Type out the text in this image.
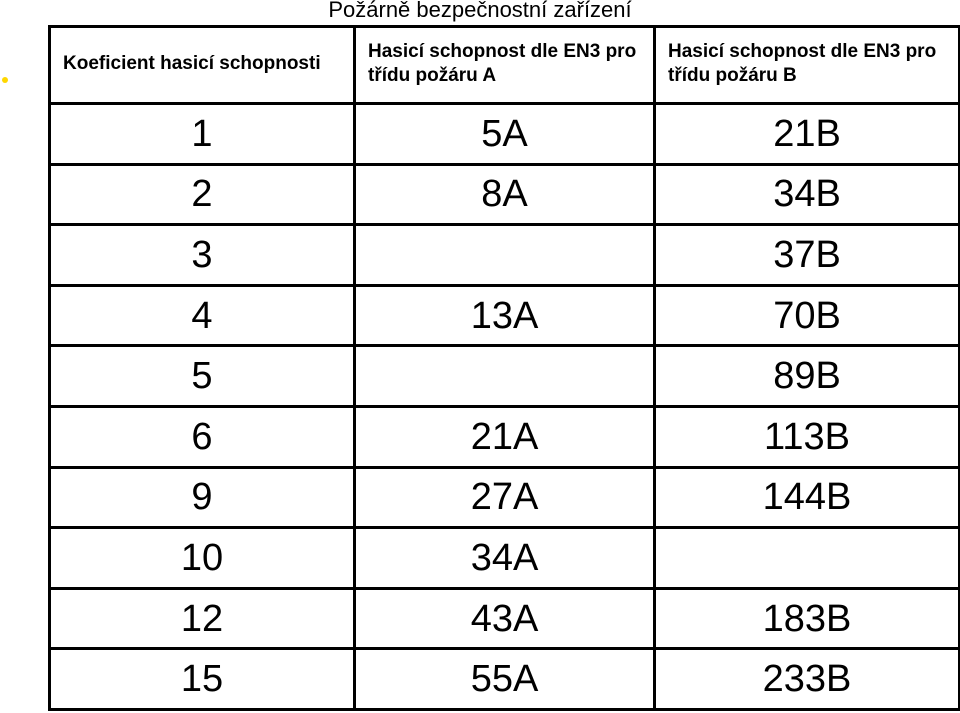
Požárně bezpečnostní zařízení
Koeficient hasicí schopnosti	Hasicí schopnost dle EN3 pro třídu požáru A	Hasicí schopnost dle EN3 pro třídu požáru B
1	5A	21B
2	8A	34B
3		37B
4	13A	70B
5		89B
6	21A	113B
9	27A	144B
10	34A	
12	43A	183B
15	55A	233B
